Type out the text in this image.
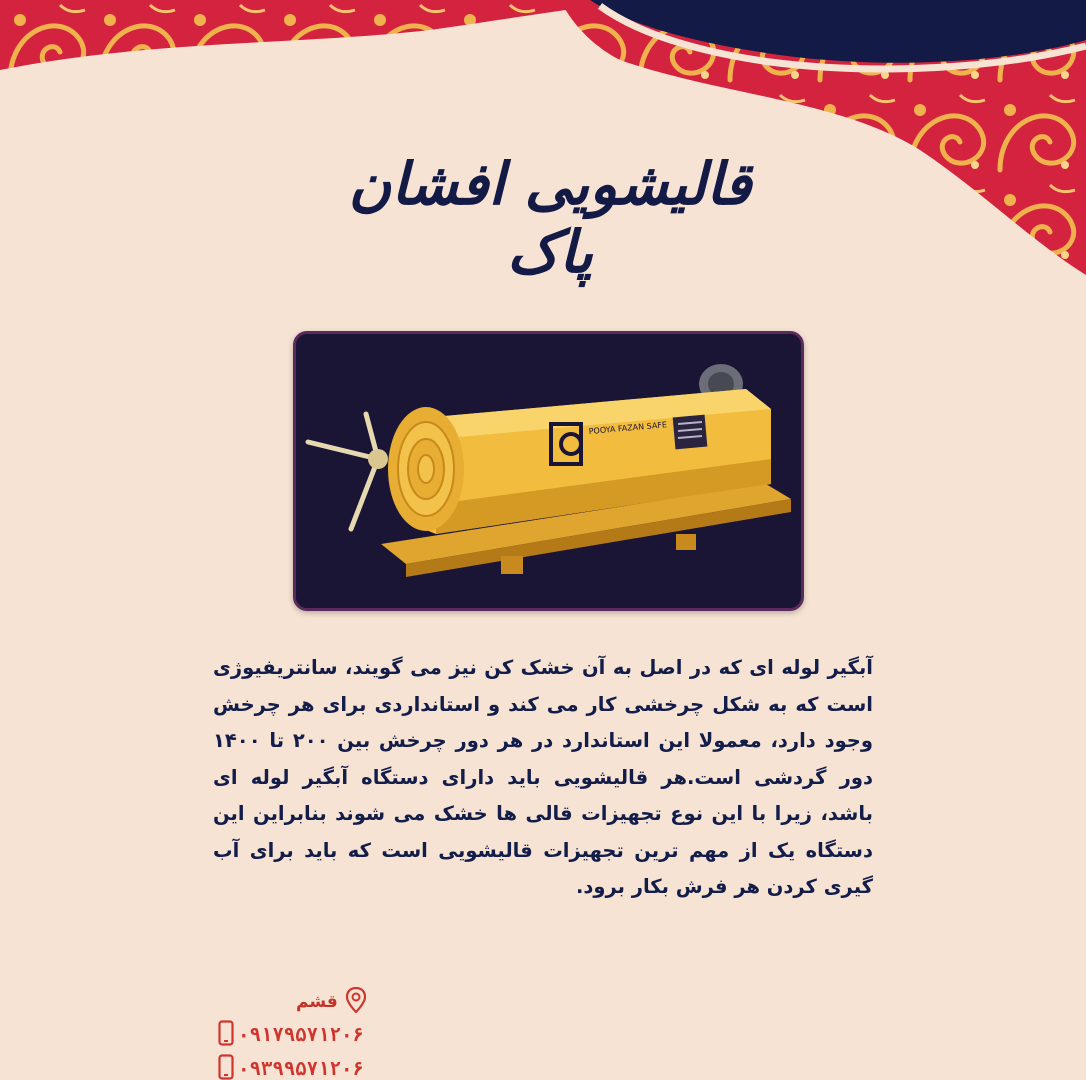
قالیشویی افشان پاک
POOYA FAZAN SAFE
آبگیر لوله ای که در اصل به آن خشک کن نیز می گویند، سانتریفیوژی است که به شکل چرخشی کار می کند و استانداردی برای هر چرخش وجود دارد، معمولا این استاندارد در هر دور چرخش بین ۲۰۰ تا ۱۴۰۰ دور گردشی است.هر قالیشویی باید دارای دستگاه آبگیر لوله ای باشد، زیرا با این نوع تجهیزات قالی ها خشک می شوند بنابراین این دستگاه یک از مهم ترین تجهیزات قالیشویی است که باید برای آب گیری کردن هر فرش بکار برود.
قشم
۰۹۱۷۹۵۷۱۲۰۶
۰۹۳۹۹۵۷۱۲۰۶
